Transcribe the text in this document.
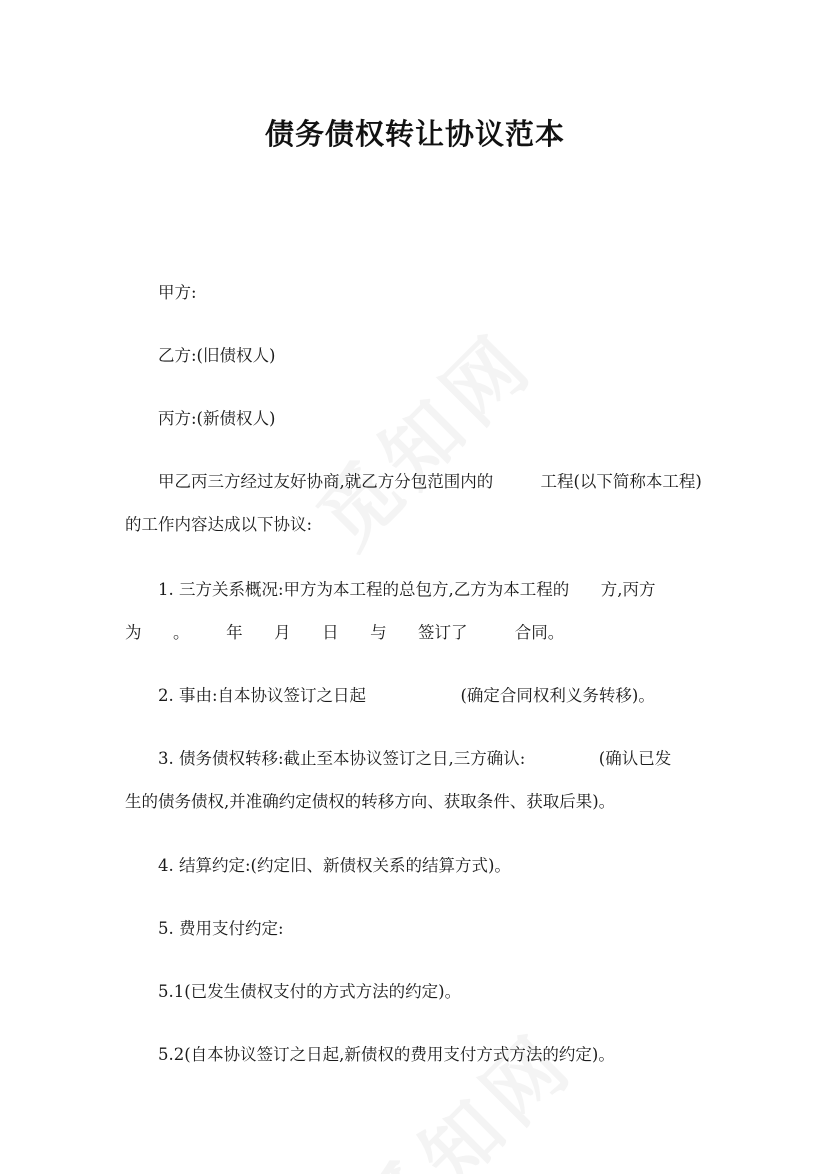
债务债权转让协议范本
甲方:
乙方:(旧债权人)
丙方:(新债权人)
甲乙丙三方经过友好协商,就乙方分包范围内的         工程(以下简称本工程)
的工作内容达成以下协议:
1. 三方关系概况:甲方为本工程的总包方,乙方为本工程的      方,丙方
为      。       年      月      日      与      签订了         合同。
2. 事由:自本协议签订之日起                  (确定合同权利义务转移)。
3. 债务债权转移:截止至本协议签订之日,三方确认:              (确认已发
生的债务债权,并准确约定债权的转移方向、获取条件、获取后果)。
4. 结算约定:(约定旧、新债权关系的结算方式)。
5. 费用支付约定:
5.1(已发生债权支付的方式方法的约定)。
5.2(自本协议签订之日起,新债权的费用支付方式方法的约定)。
